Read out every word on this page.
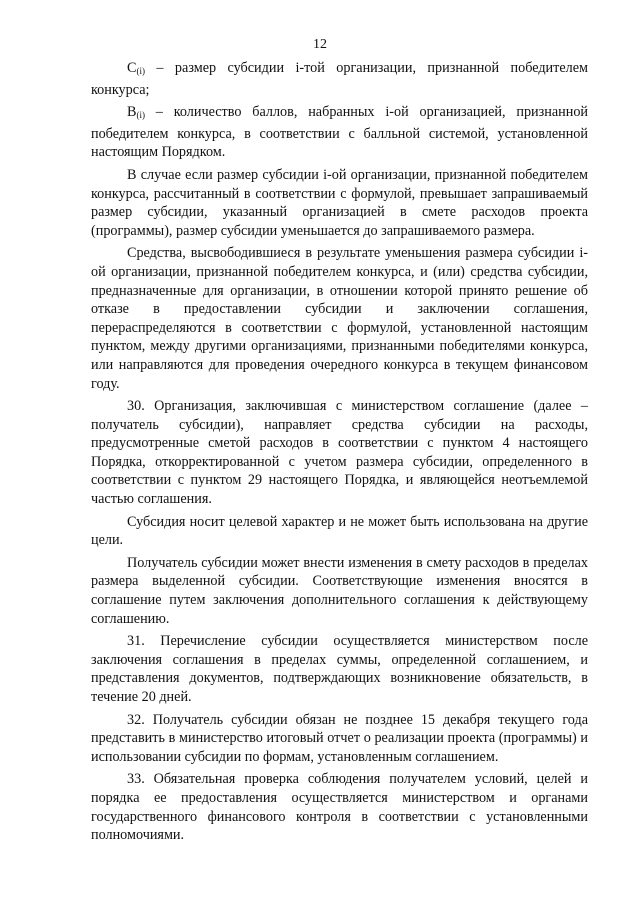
12

$C_{(i)}$ – размер субсидии i-той организации, признанной победителем конкурса;

$B_{(i)}$ – количество баллов, набранных i-ой организацией, признанной победителем конкурса, в соответствии с балльной системой, установленной настоящим Порядком.

В случае если размер субсидии i-ой организации, признанной победителем конкурса, рассчитанный в соответствии с формулой, превышает запрашиваемый размер субсидии, указанный организацией в смете расходов проекта (программы), размер субсидии уменьшается до запрашиваемого размера.

Средства, высвободившиеся в результате уменьшения размера субсидии i-ой организации, признанной победителем конкурса, и (или) средства субсидии, предназначенные для организации, в отношении которой принято решение об отказе в предоставлении субсидии и заключении соглашения, перераспределяются в соответствии с формулой, установленной настоящим пунктом, между другими организациями, признанными победителями конкурса, или направляются для проведения очередного конкурса в текущем финансовом году.

30. Организация, заключившая с министерством соглашение (далее – получатель субсидии), направляет средства субсидии на расходы, предусмотренные сметой расходов в соответствии с пунктом 4 настоящего Порядка, откорректированной с учетом размера субсидии, определенного в соответствии с пунктом 29 настоящего Порядка, и являющейся неотъемлемой частью соглашения.

Субсидия носит целевой характер и не может быть использована на другие цели.

Получатель субсидии может внести изменения в смету расходов в пределах размера выделенной субсидии. Соответствующие изменения вносятся в соглашение путем заключения дополнительного соглашения к действующему соглашению.

31. Перечисление субсидии осуществляется министерством после заключения соглашения в пределах суммы, определенной соглашением, и представления документов, подтверждающих возникновение обязательств, в течение 20 дней.

32. Получатель субсидии обязан не позднее 15 декабря текущего года представить в министерство итоговый отчет о реализации проекта (программы) и использовании субсидии по формам, установленным соглашением.

33. Обязательная проверка соблюдения получателем условий, целей и порядка ее предоставления осуществляется министерством и органами государственного финансового контроля в соответствии с установленными полномочиями.
